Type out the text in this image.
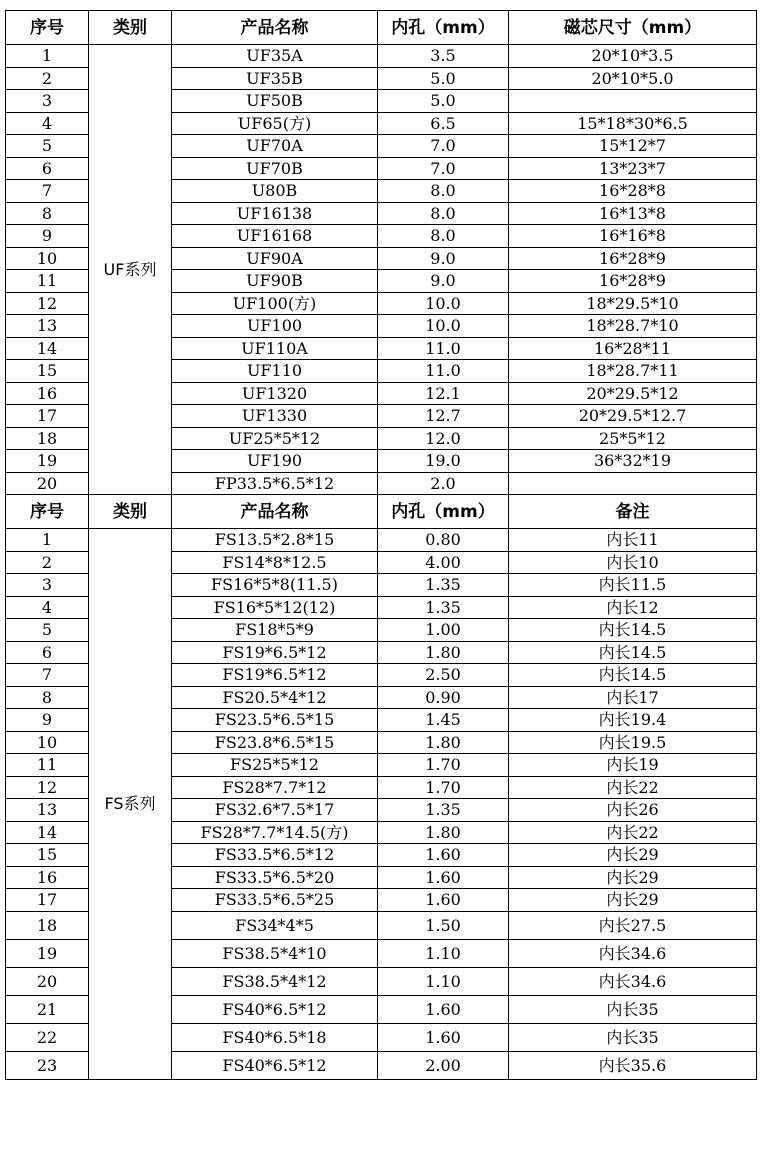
序号	类别	产品名称	内孔（mm）	磁芯尺寸（mm）
1	UF系列	UF35A	3.5	20*10*3.5
2		UF35B	5.0	20*10*5.0
3		UF50B	5.0	
4		UF65(方)	6.5	15*18*30*6.5
5		UF70A	7.0	15*12*7
6		UF70B	7.0	13*23*7
7		U80B	8.0	16*28*8
8		UF16138	8.0	16*13*8
9		UF16168	8.0	16*16*8
10		UF90A	9.0	16*28*9
11		UF90B	9.0	16*28*9
12		UF100(方)	10.0	18*29.5*10
13		UF100	10.0	18*28.7*10
14		UF110A	11.0	16*28*11
15		UF110	11.0	18*28.7*11
16		UF1320	12.1	20*29.5*12
17		UF1330	12.7	20*29.5*12.7
18		UF25*5*12	12.0	25*5*12
19		UF190	19.0	36*32*19
20		FP33.5*6.5*12	2.0	
序号	类别	产品名称	内孔（mm）	备注
1	FS系列	FS13.5*2.8*15	0.80	内长11
2		FS14*8*12.5	4.00	内长10
3		FS16*5*8(11.5)	1.35	内长11.5
4		FS16*5*12(12)	1.35	内长12
5		FS18*5*9	1.00	内长14.5
6		FS19*6.5*12	1.80	内长14.5
7		FS19*6.5*12	2.50	内长14.5
8		FS20.5*4*12	0.90	内长17
9		FS23.5*6.5*15	1.45	内长19.4
10		FS23.8*6.5*15	1.80	内长19.5
11		FS25*5*12	1.70	内长19
12		FS28*7.7*12	1.70	内长22
13		FS32.6*7.5*17	1.35	内长26
14		FS28*7.7*14.5(方)	1.80	内长22
15		FS33.5*6.5*12	1.60	内长29
16		FS33.5*6.5*20	1.60	内长29
17		FS33.5*6.5*25	1.60	内长29
18		FS34*4*5	1.50	内长27.5
19		FS38.5*4*10	1.10	内长34.6
20		FS38.5*4*12	1.10	内长34.6
21		FS40*6.5*12	1.60	内长35
22		FS40*6.5*18	1.60	内长35
23		FS40*6.5*12	2.00	内长35.6
